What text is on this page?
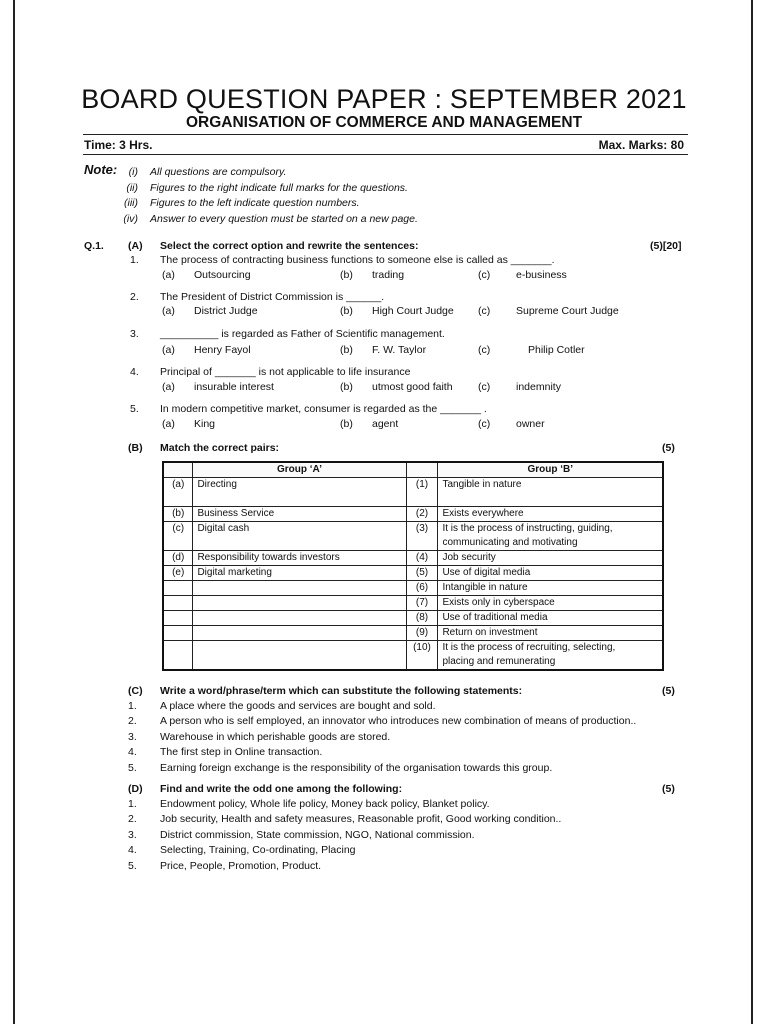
BOARD QUESTION PAPER : SEPTEMBER 2021
ORGANISATION OF COMMERCE AND MANAGEMENT
Time: 3 Hrs.	Max. Marks: 80
Note:	(i) All questions are compulsory.
(ii) Figures to the right indicate full marks for the questions.
(iii) Figures to the left indicate question numbers.
(iv) Answer to every question must be started on a new page.
Q.1. (A) Select the correct option and rewrite the sentences:	(5)[20]
1. The process of contracting business functions to someone else is called as _______.
(a) Outsourcing	(b) trading	(c) e-business
2. The President of District Commission is ______.
(a) District Judge	(b) High Court Judge (c) Supreme Court Judge
3. __________ is regarded as Father of Scientific management.
(a) Henry Fayol	(b) F. W. Taylor	(c)	Philip Cotler
4. Principal of _______ is not applicable to life insurance
(a) insurable interest	(b) utmost good faith (c) indemnity
5. In modern competitive market, consumer is regarded as the _______ .
(a) King	(b) agent	(c) owner
(B) Match the correct pairs:	(5)
	Group ‘A’		Group ‘B’
(a)	Directing	(1)	Tangible in nature
(b)	Business Service	(2)	Exists everywhere
(c)	Digital cash	(3)	It is the process of instructing, guiding,
communicating and motivating

(d)	Responsibility towards investors	(4)	Job security
(e)	Digital marketing	(5)	Use of digital media
		(6)	Intangible in nature
		(7)	Exists only in cyberspace
		(8)	Use of traditional media
		(9)	Return on investment
		(10)	It is the process of recruiting, selecting,
placing and remunerating
(C) Write a word/phrase/term which can substitute the following statements:	(5)
1. A place where the goods and services are bought and sold.
2. A person who is self employed, an innovator who introduces new combination of means of production..
3. Warehouse in which perishable goods are stored.
4. The first step in Online transaction.
5. Earning foreign exchange is the responsibility of the organisation towards this group.
(D) Find and write the odd one among the following:	(5)
1. Endowment policy, Whole life policy, Money back policy, Blanket policy.
2. Job security, Health and safety measures, Reasonable profit, Good working condition..
3. District commission, State commission, NGO, National commission.
4. Selecting, Training, Co-ordinating, Placing
5. Price, People, Promotion, Product.
